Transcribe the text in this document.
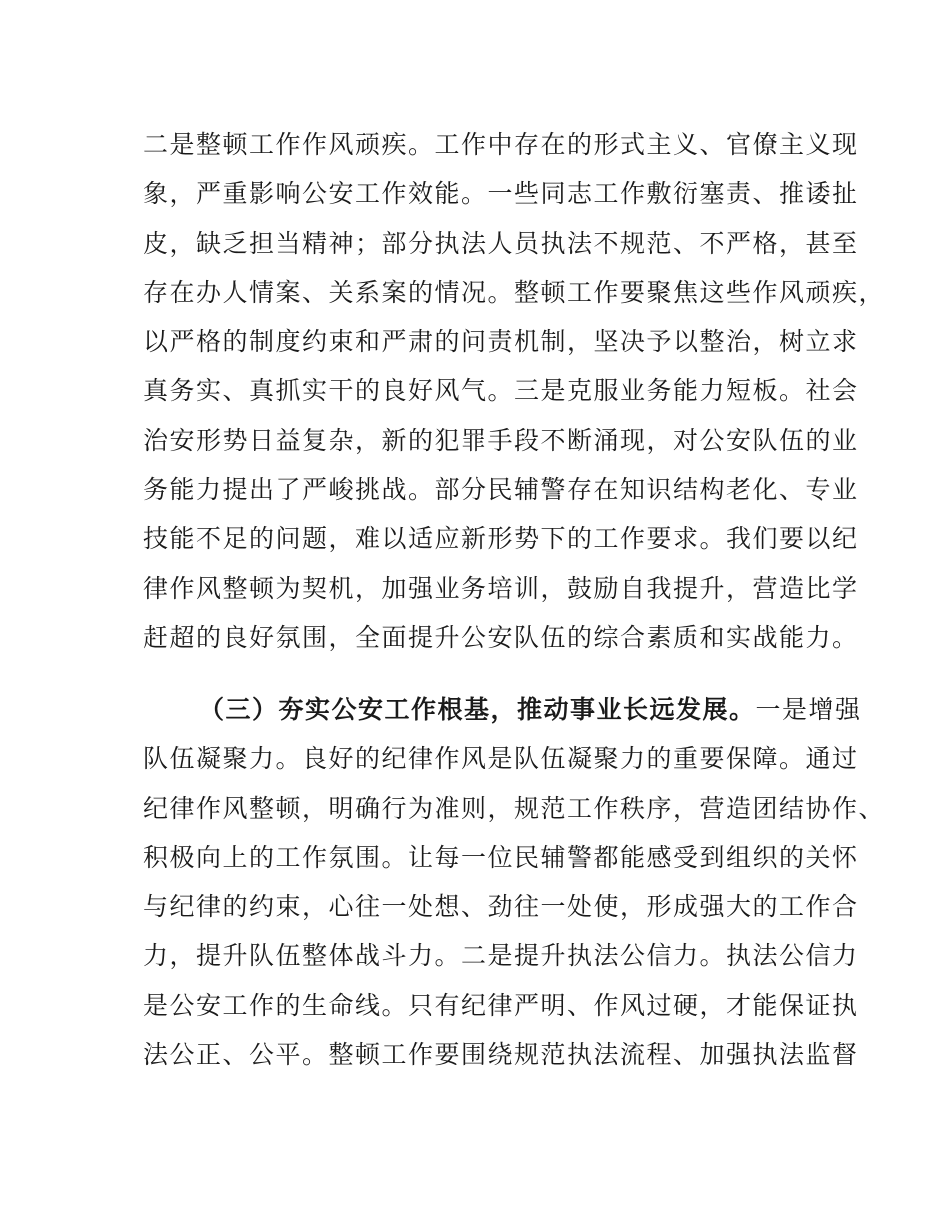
二是整顿工作作风顽疾。工作中存在的形式主义、官僚主义现
象，严重影响公安工作效能。一些同志工作敷衍塞责、推诿扯
皮，缺乏担当精神；部分执法人员执法不规范、不严格，甚至
存在办人情案、关系案的情况。整顿工作要聚焦这些作风顽疾，
以严格的制度约束和严肃的问责机制，坚决予以整治，树立求
真务实、真抓实干的良好风气。三是克服业务能力短板。社会
治安形势日益复杂，新的犯罪手段不断涌现，对公安队伍的业
务能力提出了严峻挑战。部分民辅警存在知识结构老化、专业
技能不足的问题，难以适应新形势下的工作要求。我们要以纪
律作风整顿为契机，加强业务培训，鼓励自我提升，营造比学
赶超的良好氛围，全面提升公安队伍的综合素质和实战能力。
（三）夯实公安工作根基，推动事业长远发展。一是增强
队伍凝聚力。良好的纪律作风是队伍凝聚力的重要保障。通过
纪律作风整顿，明确行为准则，规范工作秩序，营造团结协作、
积极向上的工作氛围。让每一位民辅警都能感受到组织的关怀
与纪律的约束，心往一处想、劲往一处使，形成强大的工作合
力，提升队伍整体战斗力。二是提升执法公信力。执法公信力
是公安工作的生命线。只有纪律严明、作风过硬，才能保证执
法公正、公平。整顿工作要围绕规范执法流程、加强执法监督
